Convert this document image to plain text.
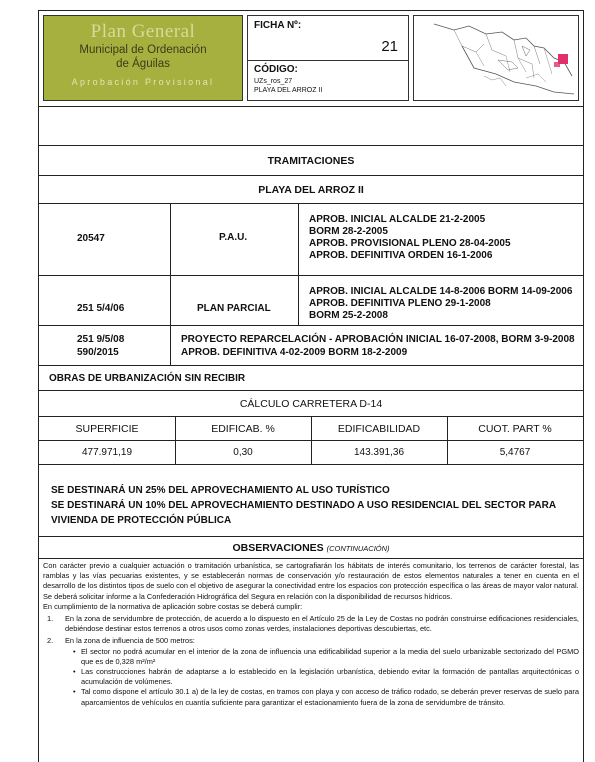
Plan General
Municipal de Ordenación
de Águilas
Aprobación Provisional
FICHA Nº:
21
CÓDIGO:
UZs_ros_27
PLAYA DEL ARROZ II
TRAMITACIONES
PLAYA DEL ARROZ II
20547	P.A.U.
APROB. INICIAL ALCALDE 21-2-2005
BORM 28-2-2005
APROB. PROVISIONAL PLENO 28-04-2005
APROB. DEFINITIVA ORDEN 16-1-2006
251 5/4/06	PLAN PARCIAL
APROB. INICIAL ALCALDE 14-8-2006 BORM 14-09-2006
APROB. DEFINITIVA PLENO 29-1-2008
BORM 25-2-2008
251 9/5/08
590/2015
PROYECTO REPARCELACIÓN - APROBACIÓN INICIAL 16-07-2008, BORM 3-9-2008
APROB. DEFINITIVA 4-02-2009 BORM 18-2-2009
OBRAS DE URBANIZACIÓN SIN RECIBIR
CÁLCULO CARRETERA D-14
SUPERFICIE	EDIFICAB. %	EDIFICABILIDAD	CUOT. PART %
477.971,19	0,30	143.391,36	5,4767
SE DESTINARÁ UN 25% DEL APROVECHAMIENTO AL USO TURÍSTICO
SE DESTINARÁ UN 10% DEL APROVECHAMIENTO DESTINADO A USO RESIDENCIAL DEL SECTOR PARA
VIVIENDA DE PROTECCIÓN PÚBLICA
OBSERVACIONES (CONTINUACIÓN)

Con carácter previo a cualquier actuación o tramitación urbanística, se cartografiarán los hábitats de interés comunitario, los terrenos de carácter forestal, las ramblas y las vías pecuarias existentes, y se establecerán normas de conservación y/o restauración de estos elementos naturales a tener en cuenta en el desarrollo de los distintos tipos de suelo con el objetivo de asegurar la conectividad entre los espacios con protección específica o las áreas de mayor valor natural.

Se deberá solicitar informe a la Confederación Hidrográfica del Segura en relación con la disponibilidad de recursos hídricos.

En cumplimiento de la normativa de aplicación sobre costas se deberá cumplir:

1.	En la zona de servidumbre de protección, de acuerdo a lo dispuesto en el Artículo 25 de la Ley de Costas no podrán construirse edificaciones residenciales, debiéndose destinar estos terrenos a otros usos como zonas verdes, instalaciones deportivas descubiertas, etc.
2.	En la zona de influencia de 500 metros:
• El sector no podrá acumular en el interior de la zona de influencia una edificabilidad superior a la media del suelo urbanizable sectorizado del PGMO que es de 0,328 m²/m²
• Las construcciones habrán de adaptarse a lo establecido en la legislación urbanística, debiendo evitar la formación de pantallas arquitectónicas o acumulación de volúmenes.
• Tal como dispone el artículo 30.1 a) de la ley de costas, en tramos con playa y con acceso de tráfico rodado, se deberán prever reservas de suelo para aparcamientos de vehículos en cuantía suficiente para garantizar el estacionamiento fuera de la zona de servidumbre de tránsito.
